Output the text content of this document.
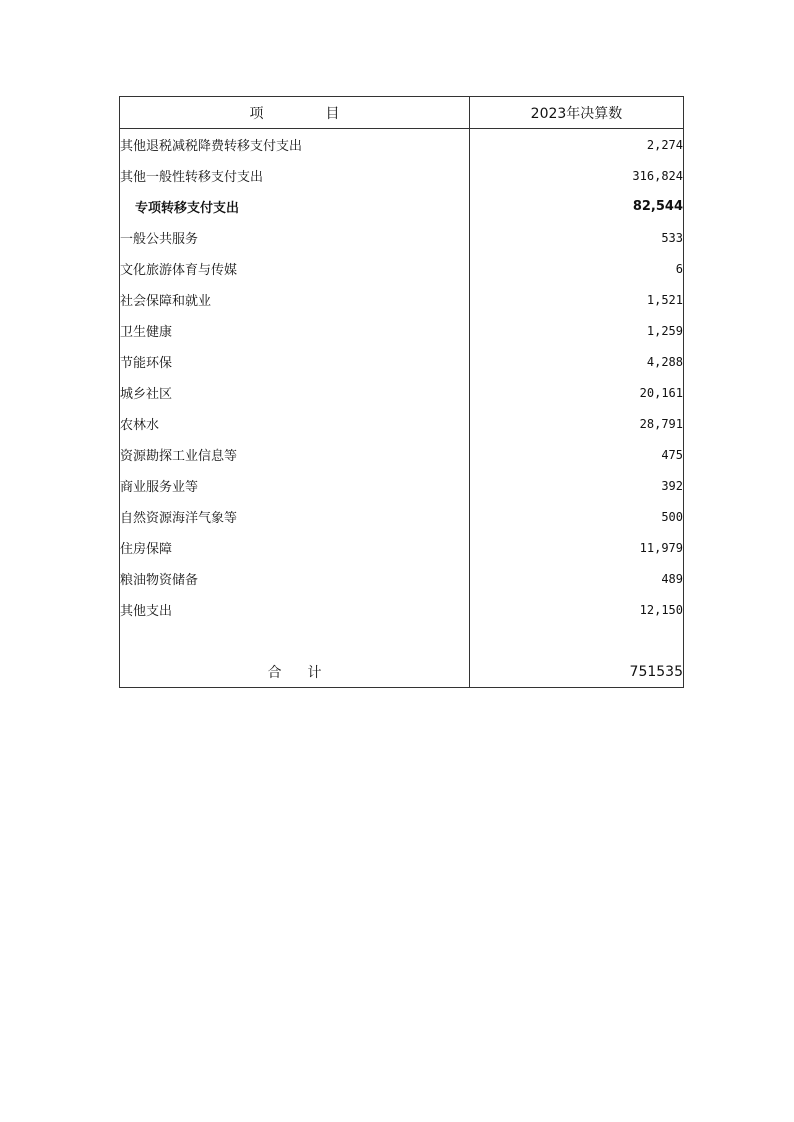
项目	2023年决算数
其他退税减税降费转移支付支出	2,274
其他一般性转移支付支出	316,824
专项转移支付支出	82,544
一般公共服务	533
文化旅游体育与传媒	6
社会保障和就业	1,521
卫生健康	1,259
节能环保	4,288
城乡社区	20,161
农林水	28,791
资源勘探工业信息等	475
商业服务业等	392
自然资源海洋气象等	500
住房保障	11,979
粮油物资储备	489
其他支出	12,150

合计	751535
